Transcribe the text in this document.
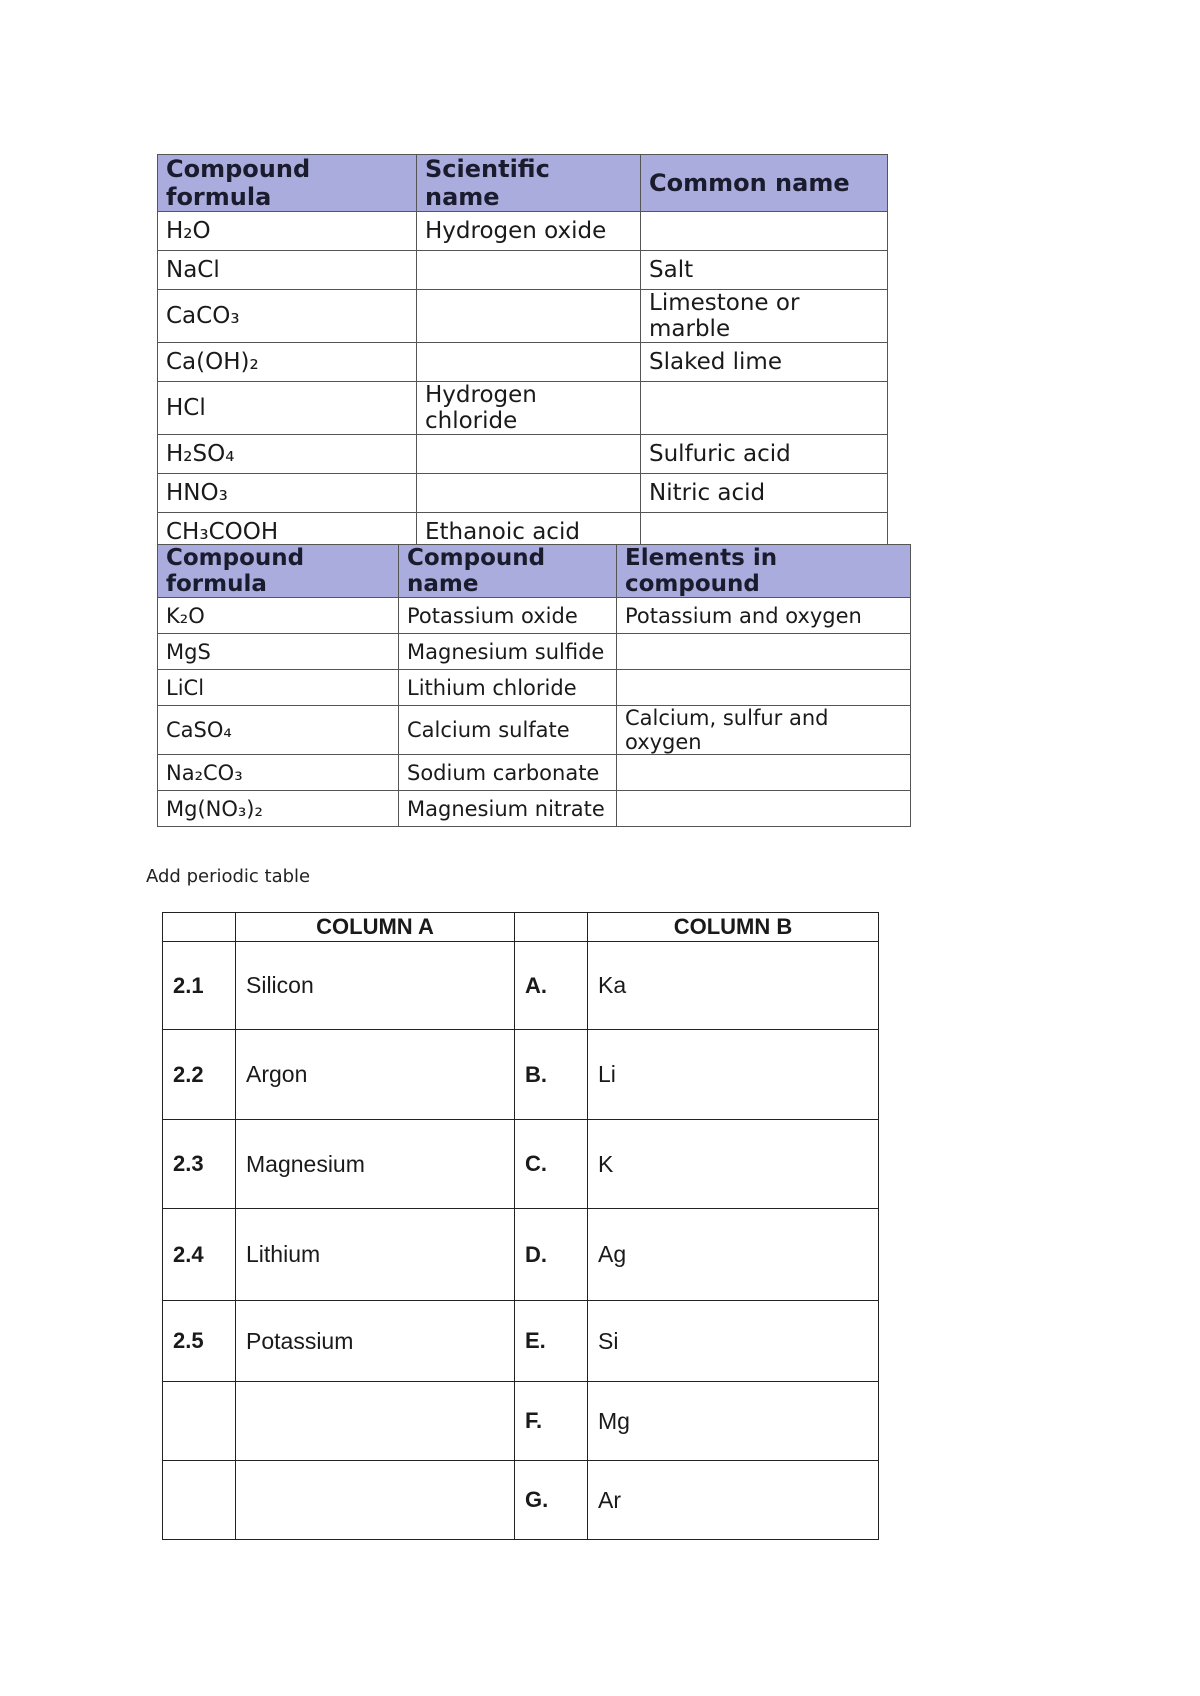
Compound formula	Scientific name	Common name
H₂O	Hydrogen oxide	
NaCl		Salt
CaCO₃		Limestone or marble
Ca(OH)₂		Slaked lime
HCl	Hydrogen chloride	
H₂SO₄		Sulfuric acid
HNO₃		Nitric acid
CH₃COOH	Ethanoic acid	
Compound formula	Compound name	Elements in compound
K₂O	Potassium oxide	Potassium and oxygen
MgS	Magnesium sulfide	
LiCl	Lithium chloride	
CaSO₄	Calcium sulfate	Calcium, sulfur and oxygen
Na₂CO₃	Sodium carbonate	
Mg(NO₃)₂	Magnesium nitrate	
Add periodic table
	COLUMN A		COLUMN B
2.1	Silicon	A.	Ka
2.2	Argon	B.	Li
2.3	Magnesium	C.	K
2.4	Lithium	D.	Ag
2.5	Potassium	E.	Si
		F.	Mg
		G.	Ar
